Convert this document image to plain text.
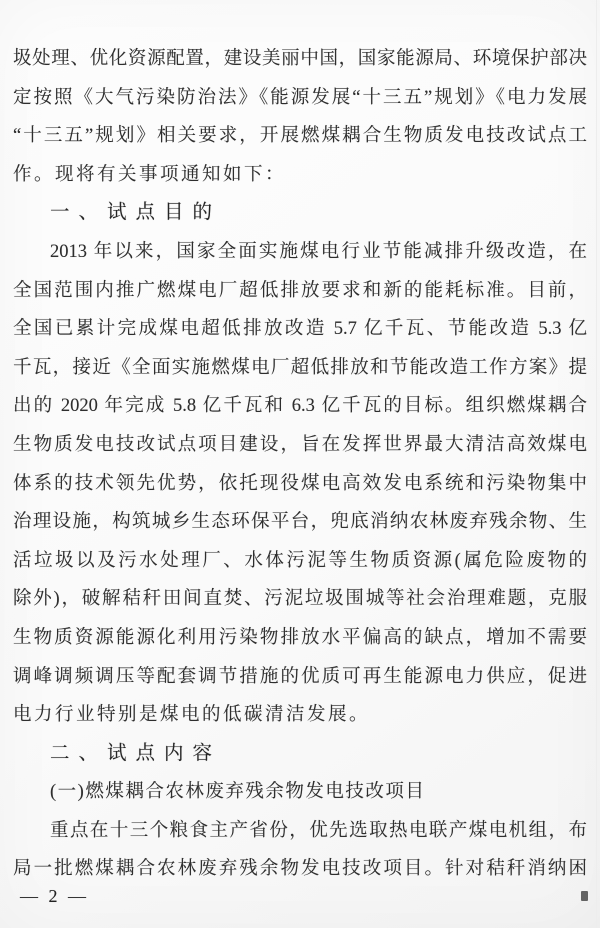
圾处理、优化资源配置，建设美丽中国，国家能源局、环境保护部决
定按照《大气污染防治法》《能源发展“十三五”规划》《电力发展
“十三五”规划》相关要求，开展燃煤耦合生物质发电技改试点工
作。现将有关事项通知如下：
一、试点目的
2013 年以来，国家全面实施煤电行业节能减排升级改造，在
全国范围内推广燃煤电厂超低排放要求和新的能耗标准。目前，
全国已累计完成煤电超低排放改造 5.7 亿千瓦、节能改造 5.3 亿
千瓦，接近《全面实施燃煤电厂超低排放和节能改造工作方案》提
出的 2020 年完成 5.8 亿千瓦和 6.3 亿千瓦的目标。组织燃煤耦合
生物质发电技改试点项目建设，旨在发挥世界最大清洁高效煤电
体系的技术领先优势，依托现役煤电高效发电系统和污染物集中
治理设施，构筑城乡生态环保平台，兜底消纳农林废弃残余物、生
活垃圾以及污水处理厂、水体污泥等生物质资源(属危险废物的
除外)，破解秸秆田间直焚、污泥垃圾围城等社会治理难题，克服
生物质资源能源化利用污染物排放水平偏高的缺点，增加不需要
调峰调频调压等配套调节措施的优质可再生能源电力供应，促进
电力行业特别是煤电的低碳清洁发展。
二、试点内容
(一)燃煤耦合农林废弃残余物发电技改项目
重点在十三个粮食主产省份，优先选取热电联产煤电机组，布
局一批燃煤耦合农林废弃残余物发电技改项目。针对秸秆消纳困
— 2 —
